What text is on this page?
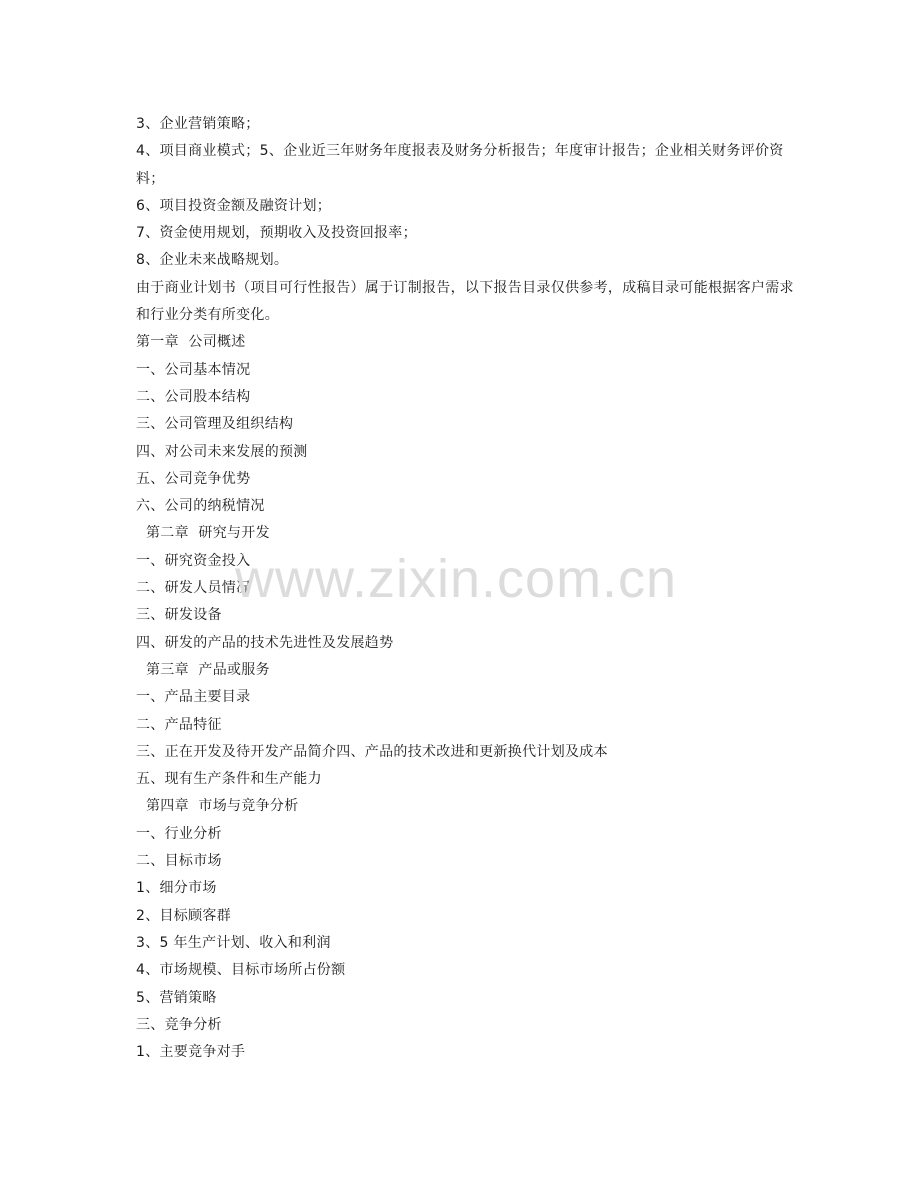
3、企业营销策略；
4、项目商业模式；5、企业近三年财务年度报表及财务分析报告；年度审计报告；企业相关财务评价资料；
6、项目投资金额及融资计划；
7、资金使用规划，预期收入及投资回报率；
8、企业未来战略规划。
由于商业计划书（项目可行性报告）属于订制报告，以下报告目录仅供参考，成稿目录可能根据客户需求和行业分类有所变化。
第一章  公司概述
一、公司基本情况
二、公司股本结构
三、公司管理及组织结构
四、对公司未来发展的预测
五、公司竞争优势
六、公司的纳税情况
第二章  研究与开发
一、研究资金投入
二、研发人员情况
三、研发设备
四、研发的产品的技术先进性及发展趋势
第三章  产品或服务
一、产品主要目录
二、产品特征
三、正在开发及待开发产品简介四、产品的技术改进和更新换代计划及成本
五、现有生产条件和生产能力
第四章  市场与竞争分析
一、行业分析
二、目标市场
1、细分市场
2、目标顾客群
3、5 年生产计划、收入和利润
4、市场规模、目标市场所占份额
5、营销策略
三、竞争分析
1、主要竞争对手
www.zixin.com.cn
